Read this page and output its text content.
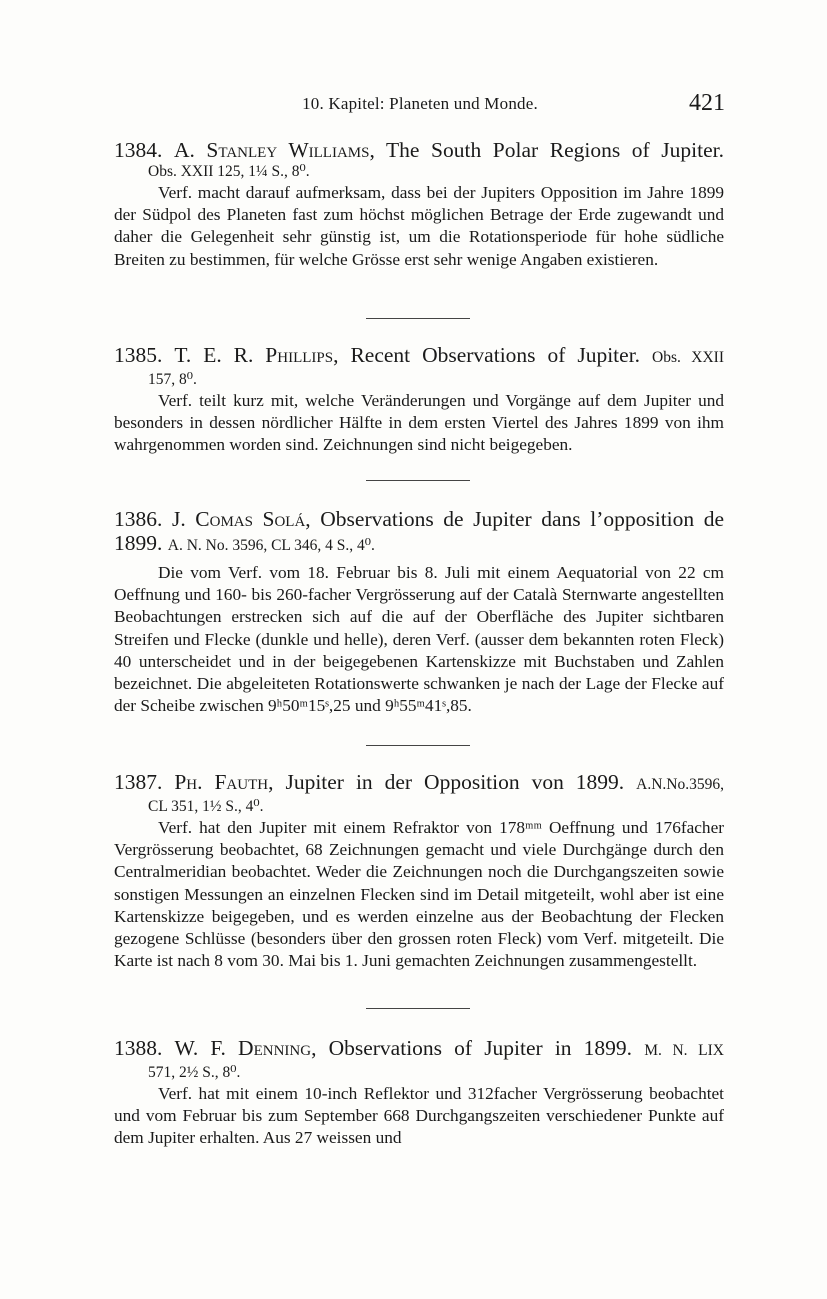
10. Kapitel: Planeten und Monde.	421

1384. A. Stanley Williams, The South Polar Regions of Jupiter.

Obs. XXII 125, 1¼ S., 8⁰.

Verf. macht darauf aufmerksam, dass bei der Jupiters Opposition im Jahre 1899 der Südpol des Planeten fast zum höchst möglichen Betrage der Erde zugewandt und daher die Gelegenheit sehr günstig ist, um die Rotationsperiode für hohe südliche Breiten zu bestimmen, für welche Grösse erst sehr wenige Angaben existieren.

1385. T. E. R. Phillips, Recent Observations of Jupiter. Obs. XXII

157, 8⁰.

Verf. teilt kurz mit, welche Veränderungen und Vorgänge auf dem Jupiter und besonders in dessen nördlicher Hälfte in dem ersten Viertel des Jahres 1899 von ihm wahrgenommen worden sind. Zeichnungen sind nicht beigegeben.

1386. J. Comas Solá, Observations de Jupiter dans l’opposition de 1899. A. N. No. 3596, CL 346, 4 S., 4⁰.

Die vom Verf. vom 18. Februar bis 8. Juli mit einem Aequatorial von 22 cm Oeffnung und 160- bis 260-facher Vergrösserung auf der Català Sternwarte angestellten Beobachtungen erstrecken sich auf die auf der Oberfläche des Jupiter sichtbaren Streifen und Flecke (dunkle und helle), deren Verf. (ausser dem bekannten roten Fleck) 40 unterscheidet und in der beigegebenen Kartenskizze mit Buchstaben und Zahlen bezeichnet. Die abgeleiteten Rotationswerte schwanken je nach der Lage der Flecke auf der Scheibe zwischen 9ʰ50ᵐ15ˢ,25 und 9ʰ55ᵐ41ˢ,85.

1387. Ph. Fauth, Jupiter in der Opposition von 1899. A.N.No.3596,

CL 351, 1½ S., 4⁰.

Verf. hat den Jupiter mit einem Refraktor von 178ᵐᵐ Oeffnung und 176facher Vergrösserung beobachtet, 68 Zeichnungen gemacht und viele Durchgänge durch den Centralmeridian beobachtet. Weder die Zeichnungen noch die Durchgangszeiten sowie sonstigen Messungen an einzelnen Flecken sind im Detail mitgeteilt, wohl aber ist eine Kartenskizze beigegeben, und es werden einzelne aus der Beobachtung der Flecken gezogene Schlüsse (besonders über den grossen roten Fleck) vom Verf. mitgeteilt. Die Karte ist nach 8 vom 30. Mai bis 1. Juni gemachten Zeichnungen zusammengestellt.

1388. W. F. Denning, Observations of Jupiter in 1899. M. N. LIX

571, 2½ S., 8⁰.

Verf. hat mit einem 10-inch Reflektor und 312facher Vergrösserung beobachtet und vom Februar bis zum September 668 Durchgangszeiten verschiedener Punkte auf dem Jupiter erhalten. Aus 27 weissen und
